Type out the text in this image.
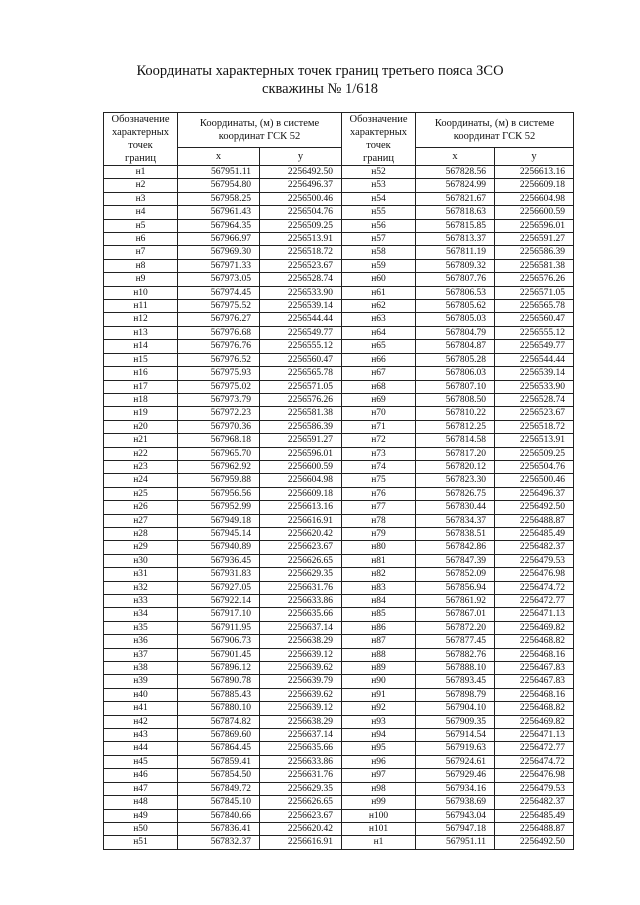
Координаты характерных точек границ третьего пояса ЗСО
скважины № 1/618
Обозначение
характерных
точек
границ	Координаты, (м) в системе
координат ГСК 52		Обозначение
характерных
точек
границ	Координаты, (м) в системе
координат ГСК 52	
	x	y		x	y
н1	567951.11	2256492.50	н52	567828.56	2256613.16
н2	567954.80	2256496.37	н53	567824.99	2256609.18
н3	567958.25	2256500.46	н54	567821.67	2256604.98
н4	567961.43	2256504.76	н55	567818.63	2256600.59
н5	567964.35	2256509.25	н56	567815.85	2256596.01
н6	567966.97	2256513.91	н57	567813.37	2256591.27
н7	567969.30	2256518.72	н58	567811.19	2256586.39
н8	567971.33	2256523.67	н59	567809.32	2256581.38
н9	567973.05	2256528.74	н60	567807.76	2256576.26
н10	567974.45	2256533.90	н61	567806.53	2256571.05
н11	567975.52	2256539.14	н62	567805.62	2256565.78
н12	567976.27	2256544.44	н63	567805.03	2256560.47
н13	567976.68	2256549.77	н64	567804.79	2256555.12
н14	567976.76	2256555.12	н65	567804.87	2256549.77
н15	567976.52	2256560.47	н66	567805.28	2256544.44
н16	567975.93	2256565.78	н67	567806.03	2256539.14
н17	567975.02	2256571.05	н68	567807.10	2256533.90
н18	567973.79	2256576.26	н69	567808.50	2256528.74
н19	567972.23	2256581.38	н70	567810.22	2256523.67
н20	567970.36	2256586.39	н71	567812.25	2256518.72
н21	567968.18	2256591.27	н72	567814.58	2256513.91
н22	567965.70	2256596.01	н73	567817.20	2256509.25
н23	567962.92	2256600.59	н74	567820.12	2256504.76
н24	567959.88	2256604.98	н75	567823.30	2256500.46
н25	567956.56	2256609.18	н76	567826.75	2256496.37
н26	567952.99	2256613.16	н77	567830.44	2256492.50
н27	567949.18	2256616.91	н78	567834.37	2256488.87
н28	567945.14	2256620.42	н79	567838.51	2256485.49
н29	567940.89	2256623.67	н80	567842.86	2256482.37
н30	567936.45	2256626.65	н81	567847.39	2256479.53
н31	567931.83	2256629.35	н82	567852.09	2256476.98
н32	567927.05	2256631.76	н83	567856.94	2256474.72
н33	567922.14	2256633.86	н84	567861.92	2256472.77
н34	567917.10	2256635.66	н85	567867.01	2256471.13
н35	567911.95	2256637.14	н86	567872.20	2256469.82
н36	567906.73	2256638.29	н87	567877.45	2256468.82
н37	567901.45	2256639.12	н88	567882.76	2256468.16
н38	567896.12	2256639.62	н89	567888.10	2256467.83
н39	567890.78	2256639.79	н90	567893.45	2256467.83
н40	567885.43	2256639.62	н91	567898.79	2256468.16
н41	567880.10	2256639.12	н92	567904.10	2256468.82
н42	567874.82	2256638.29	н93	567909.35	2256469.82
н43	567869.60	2256637.14	н94	567914.54	2256471.13
н44	567864.45	2256635.66	н95	567919.63	2256472.77
н45	567859.41	2256633.86	н96	567924.61	2256474.72
н46	567854.50	2256631.76	н97	567929.46	2256476.98
н47	567849.72	2256629.35	н98	567934.16	2256479.53
н48	567845.10	2256626.65	н99	567938.69	2256482.37
н49	567840.66	2256623.67	н100	567943.04	2256485.49
н50	567836.41	2256620.42	н101	567947.18	2256488.87
н51	567832.37	2256616.91	н1	567951.11	2256492.50
